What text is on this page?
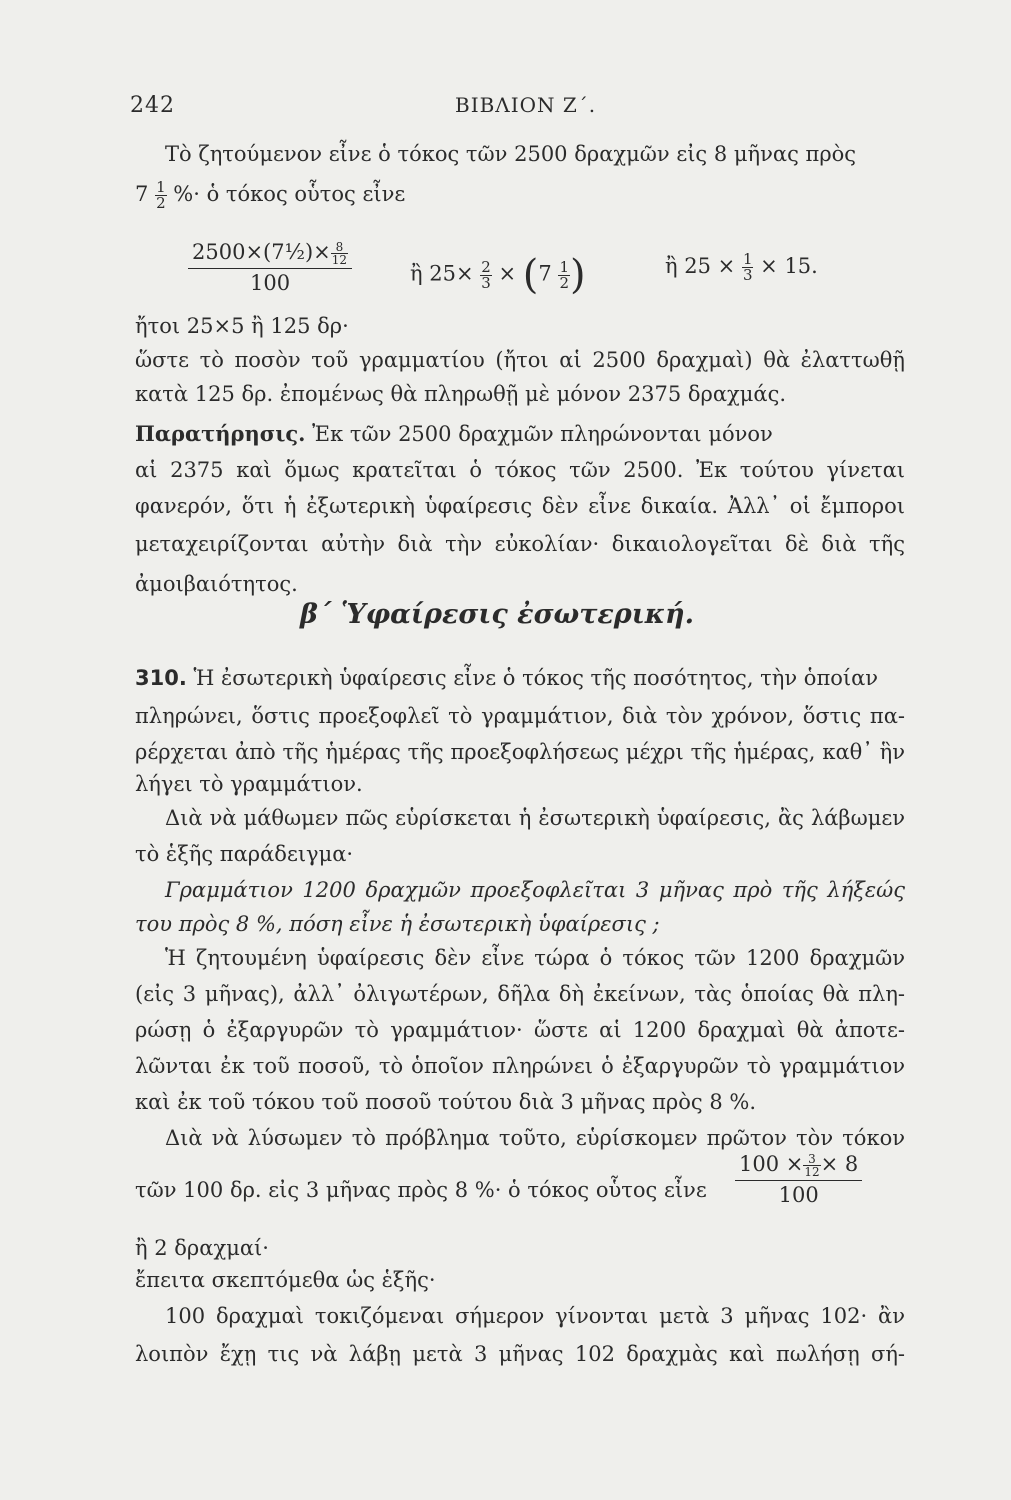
242	ΒΙΒΛΙΟΝ Ζ΄.
Τὸ ζητούμενον εἶνε ὁ τόκος τῶν 2500 δραχμῶν εἰς 8 μῆνας πρὸς
$7 \frac{1}{2}$ %· ὁ τόκος οὗτος εἶνε
2500×(7½)× $\frac{8}{12}$
100	ἢ $25\times \frac{2}{3} \times (7 \frac{1}{2}$ )	ἢ $25 \times \frac{1}{3} \times 15$.
ἤτοι 25×5 ἢ 125 δρ·
ὥστε τὸ ποσὸν τοῦ γραμματίου (ἤτοι αἱ 2500 δραχμαὶ) θὰ ἐλαττωθῇ
κατὰ 125 δρ. ἐπομένως θὰ πληρωθῇ μὲ μόνον 2375 δραχμάς.
Παρατήρησις. Ἐκ τῶν 2500 δραχμῶν πληρώνονται μόνον
αἱ 2375 καὶ ὅμως κρατεῖται ὁ τόκος τῶν 2500. Ἐκ τούτου γίνεται
φανερόν, ὅτι ἡ ἐξωτερικὴ ὑφαίρεσις δὲν εἶνε δικαία. Ἀλλ᾽ οἱ ἔμποροι
μεταχειρίζονται αὐτὴν διὰ τὴν εὐκολίαν· δικαιολογεῖται δὲ διὰ τῆς
ἀμοιβαιότητος.
β΄ Ὑφαίρεσις ἐσωτερική.
310. Ἡ ἐσωτερικὴ ὑφαίρεσις εἶνε ὁ τόκος τῆς ποσότητος, τὴν ὁποίαν
πληρώνει, ὅστις προεξοφλεῖ τὸ γραμμάτιον, διὰ τὸν χρόνον, ὅστις πα-
ρέρχεται ἀπὸ τῆς ἡμέρας τῆς προεξοφλήσεως μέχρι τῆς ἡμέρας, καθ᾽ ἣν
λήγει τὸ γραμμάτιον.
Διὰ νὰ μάθωμεν πῶς εὑρίσκεται ἡ ἐσωτερικὴ ὑφαίρεσις, ἂς λάβωμεν
τὸ ἑξῆς παράδειγμα·
Γραμμάτιον 1200 δραχμῶν προεξοφλεῖται 3 μῆνας πρὸ τῆς λήξεώς
του πρὸς 8 %, πόση εἶνε ἡ ἐσωτερικὴ ὑφαίρεσις ;
Ἡ ζητουμένη ὑφαίρεσις δὲν εἶνε τώρα ὁ τόκος τῶν 1200 δραχμῶν
(εἰς 3 μῆνας), ἀλλ᾽ ὀλιγωτέρων, δῆλα δὴ ἐκείνων, τὰς ὁποίας θὰ πλη-
ρώσῃ ὁ ἐξαργυρῶν τὸ γραμμάτιον· ὥστε αἱ 1200 δραχμαὶ θὰ ἀποτε-
λῶνται ἐκ τοῦ ποσοῦ, τὸ ὁποῖον πληρώνει ὁ ἐξαργυρῶν τὸ γραμμάτιον
καὶ ἐκ τοῦ τόκου τοῦ ποσοῦ τούτου διὰ 3 μῆνας πρὸς 8 %.
Διὰ νὰ λύσωμεν τὸ πρόβλημα τοῦτο, εὑρίσκομεν πρῶτον τὸν τόκον
τῶν 100 δρ. εἰς 3 μῆνας πρὸς 8 %· ὁ τόκος οὗτος εἶνε
$100 \times \frac{3}{12} \times 8$
100
ἢ 2 δραχμαί·
ἔπειτα σκεπτόμεθα ὡς ἑξῆς·
100 δραχμαὶ τοκιζόμεναι σήμερον γίνονται μετὰ 3 μῆνας 102· ἂν
λοιπὸν ἔχῃ τις νὰ λάβῃ μετὰ 3 μῆνας 102 δραχμὰς καὶ πωλήσῃ σή-
